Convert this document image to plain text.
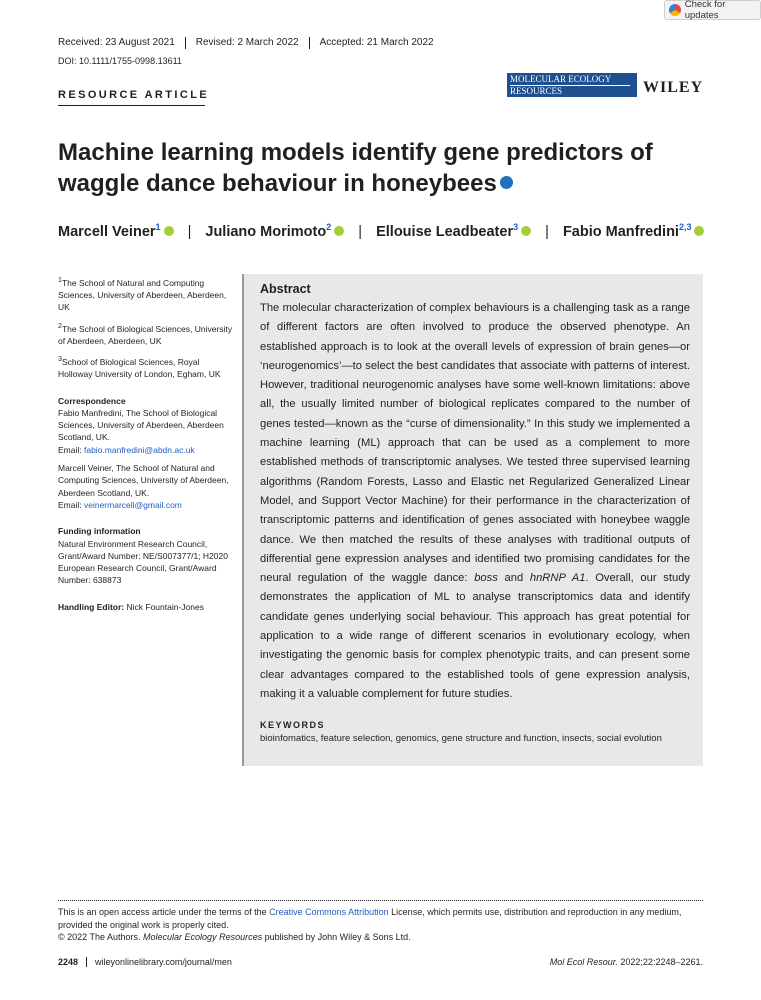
Check for updates
Received: 23 August 2021	Revised: 2 March 2022	Accepted: 21 March 2022
DOI: 10.1111/1755-0998.13611
RESOURCE ARTICLE
MOLECULAR ECOLOGY
RESOURCES	WILEY
Machine learning models identify gene predictors of waggle dance behaviour in honeybees
Marcell Veiner$^1$ | Juliano Morimoto$^2$ | Ellouise Leadbeater$^3$ | Fabio Manfredini$^{2,3}$

$^1$The School of Natural and Computing Sciences, University of Aberdeen, Aberdeen, UK

$^2$The School of Biological Sciences, University of Aberdeen, Aberdeen, UK

$^3$School of Biological Sciences, Royal Holloway University of London, Egham, UK

Correspondence

Fabio Manfredini, The School of Biological Sciences, University of Aberdeen, Aberdeen Scotland, UK.
Email: fabio.manfredini@abdn.ac.uk

Marcell Veiner, The School of Natural and Computing Sciences, University of Aberdeen, Aberdeen Scotland, UK.
Email: veinermarcell@gmail.com

Funding information

Natural Environment Research Council, Grant/Award Number: NE/S007377/1; H2020 European Research Council, Grant/Award Number: 638873

Handling Editor: Nick Fountain-Jones

Abstract
The molecular characterization of complex behaviours is a challenging task as a range of different factors are often involved to produce the observed phenotype. An established approach is to look at the overall levels of expression of brain genes—or ‘neurogenomics’—to select the best candidates that associate with patterns of interest. However, traditional neurogenomic analyses have some well-known limitations: above all, the usually limited number of biological replicates compared to the number of genes tested—known as the “curse of dimensionality.” In this study we implemented a machine learning (ML) approach that can be used as a complement to more established methods of transcriptomic analyses. We tested three supervised learning algorithms (Random Forests, Lasso and Elastic net Regularized Generalized Linear Model, and Support Vector Machine) for their performance in the characterization of transcriptomic patterns and identification of genes associated with honeybee waggle dance. We then matched the results of these analyses with traditional outputs of differential gene expression analyses and identified two promising candidates for the neural regulation of the waggle dance: boss and hnRNP A1. Overall, our study demonstrates the application of ML to analyse transcriptomics data and identify candidate genes underlying social behaviour. This approach has great potential for application to a wide range of different scenarios in evolutionary ecology, when investigating the genomic basis for complex phenotypic traits, and can present some clear advantages compared to the established tools of gene expression analysis, making it a valuable complement for future studies.
KEYWORDS
bioinfomatics, feature selection, genomics, gene structure and function, insects, social evolution
This is an open access article under the terms of the Creative Commons Attribution License, which permits use, distribution and reproduction in any medium, provided the original work is properly cited.
© 2022 The Authors. Molecular Ecology Resources published by John Wiley & Sons Ltd.
2248	wileyonlinelibrary.com/journal/men	Mol Ecol Resour. 2022;22:2248–2261.
